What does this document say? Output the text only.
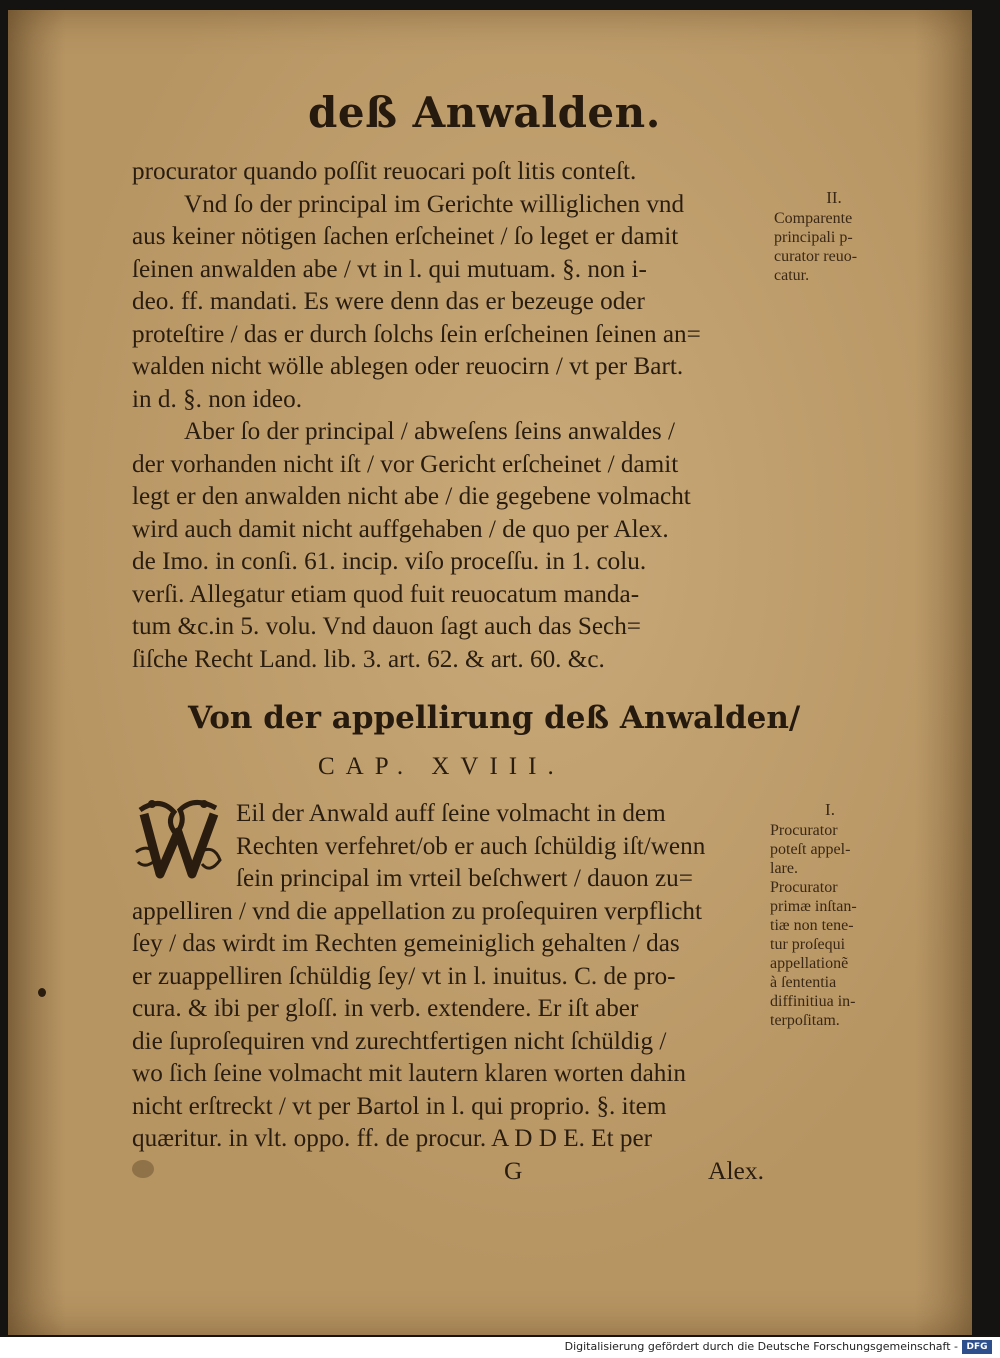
deß Anwalden.
procurator quando poſſit reuocari poſt litis conteſt.
Vnd ſo der principal im Gerichte williglichen vnd
aus keiner nötigen ſachen erſcheinet / ſo leget er damit
ſeinen anwalden abe / vt in l. qui mutuam. §. non i-
deo. ff. mandati. Es were denn das er bezeuge oder
proteſtire / das er durch ſolchs ſein erſcheinen ſeinen an=
walden nicht wölle ablegen oder reuocirn / vt per Bart.
in d. §. non ideo.
Aber ſo der principal / abweſens ſeins anwaldes /
der vorhanden nicht iſt / vor Gericht erſcheinet / damit
legt er den anwalden nicht abe / die gegebene volmacht
wird auch damit nicht auffgehaben / de quo per Alex.
de Imo. in conſi. 61. incip. viſo proceſſu. in 1. colu.
verſi. Allegatur etiam quod fuit reuocatum manda-
tum &c.in 5. volu. Vnd dauon ſagt auch das Sech=
ſiſche Recht Land. lib. 3. art. 62. & art. 60. &c.
II.
Comparente
principali p-
curator reuo-
catur.
Von der appellirung deß Anwalden/
CAP. XVIII.
Eil der Anwald auff ſeine volmacht in dem
Rechten verfehret/ob er auch ſchüldig iſt/wenn
ſein principal im vrteil beſchwert / dauon zu=
appelliren / vnd die appellation zu proſequiren verpflicht
ſey / das wirdt im Rechten gemeiniglich gehalten / das
er zuappelliren ſchüldig ſey/ vt in l. inuitus. C. de pro-
cura. & ibi per gloſſ. in verb. extendere. Er iſt aber
die ſuproſequiren vnd zurechtfertigen nicht ſchüldig /
wo ſich ſeine volmacht mit lautern klaren worten dahin
nicht erſtreckt / vt per Bartol in l. qui proprio. §. item
quæritur. in vlt. oppo. ff. de procur. A D D E. Et per
I.
Procurator
poteſt appel-
lare.
Procurator
primæ inſtan-
tiæ non tene-
tur proſequi
appellationẽ
à ſententia
diffinitiua in-
terpoſitam.
G	Alex.
Digitalisierung gefördert durch die Deutsche Forschungsgemeinschaft - DFG
